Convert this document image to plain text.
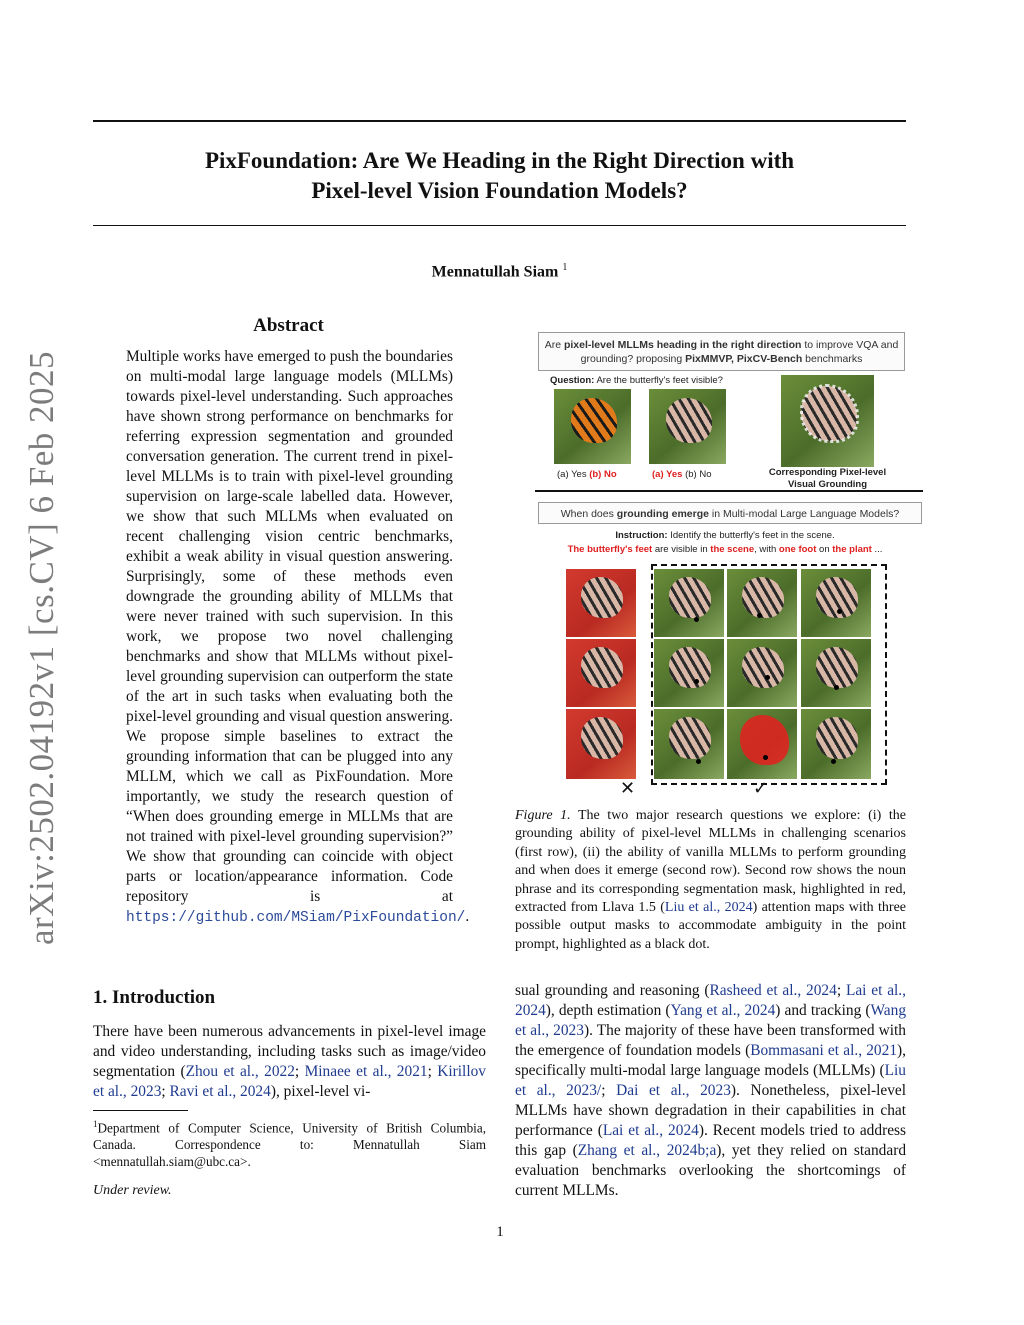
arXiv:2502.04192v1 [cs.CV] 6 Feb 2025
PixFoundation: Are We Heading in the Right Direction with
Pixel-level Vision Foundation Models?
Mennatullah Siam $^1$
Abstract
Multiple works have emerged to push the boundaries on multi-modal large language models (MLLMs) towards pixel-level understanding. Such approaches have shown strong performance on benchmarks for referring expression segmentation and grounded conversation generation. The current trend in pixel-level MLLMs is to train with pixel-level grounding supervision on large-scale labelled data. However, we show that such MLLMs when evaluated on recent challenging vision centric benchmarks, exhibit a weak ability in visual question answering. Surprisingly, some of these methods even downgrade the grounding ability of MLLMs that were never trained with such supervision. In this work, we propose two novel challenging benchmarks and show that MLLMs without pixel-level grounding supervision can outperform the state of the art in such tasks when evaluating both the pixel-level grounding and visual question answering. We propose simple baselines to extract the grounding information that can be plugged into any MLLM, which we call as PixFoundation. More importantly, we study the research question of “When does grounding emerge in MLLMs that are not trained with pixel-level grounding supervision?” We show that grounding can coincide with object parts or location/appearance information. Code repository is at https://github.com/MSiam/PixFoundation/.
1. Introduction
There have been numerous advancements in pixel-level image and video understanding, including tasks such as image/video segmentation (Zhou et al., 2022; Minaee et al., 2021; Kirillov et al., 2023; Ravi et al., 2024), pixel-level vi-
$^1$Department of Computer Science, University of British Columbia, Canada. Correspondence to: Mennatullah Siam <mennatullah.siam@ubc.ca>.
Under review.
Are pixel-level MLLMs heading in the right direction to improve VQA and grounding? proposing PixMMVP, PixCV-Bench benchmarks
Question: Are the butterfly's feet visible?
(a) Yes (b) No	(a) Yes (b) No	Corresponding Pixel-level Visual Grounding
When does grounding emerge in Multi-modal Large Language Models?
Instruction: Identify the butterfly's feet in the scene.
The butterfly's feet are visible in the scene, with one foot on the plant ...
✕	✓
Figure 1. The two major research questions we explore: (i) the grounding ability of pixel-level MLLMs in challenging scenarios (first row), (ii) the ability of vanilla MLLMs to perform grounding and when does it emerge (second row). Second row shows the noun phrase and its corresponding segmentation mask, highlighted in red, extracted from Llava 1.5 (Liu et al., 2024) attention maps with three possible output masks to accommodate ambiguity in the point prompt, highlighted as a black dot.
sual grounding and reasoning (Rasheed et al., 2024; Lai et al., 2024), depth estimation (Yang et al., 2024) and tracking (Wang et al., 2023). The majority of these have been transformed with the emergence of foundation models (Bommasani et al., 2021), specifically multi-modal large language models (MLLMs) (Liu et al., 2023/; Dai et al., 2023). Nonetheless, pixel-level MLLMs have shown degradation in their capabilities in chat performance (Lai et al., 2024). Recent models tried to address this gap (Zhang et al., 2024b;a), yet they relied on standard evaluation benchmarks overlooking the shortcomings of current MLLMs.
1
